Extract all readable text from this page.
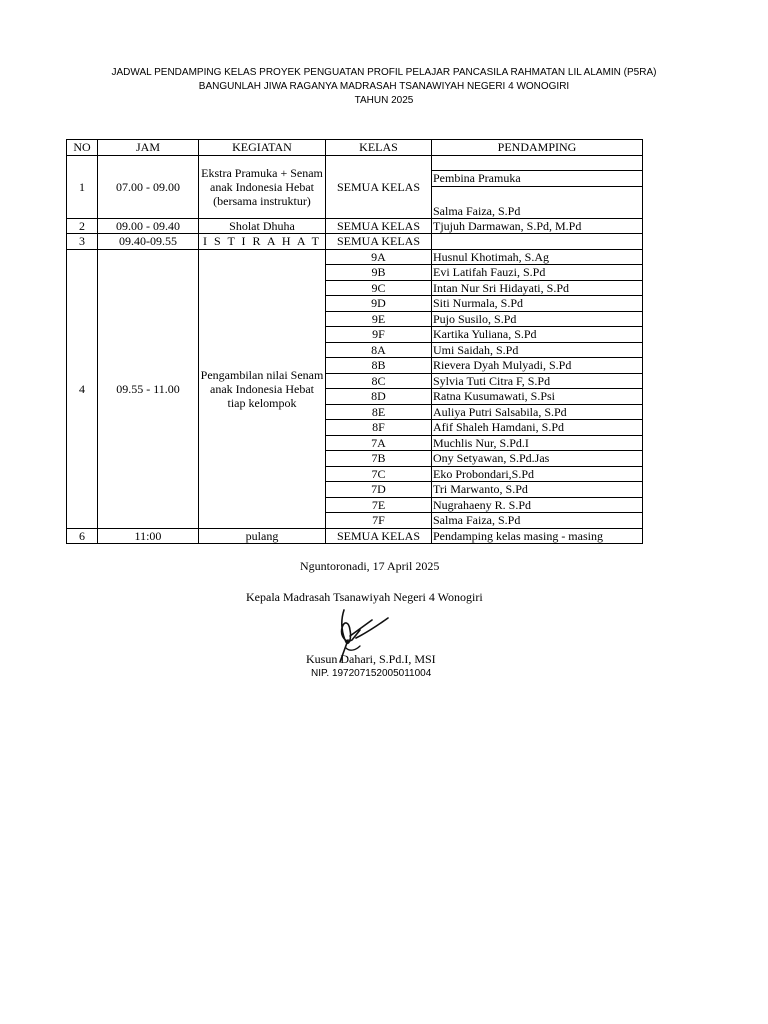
JADWAL PENDAMPING KELAS PROYEK PENGUATAN PROFIL PELAJAR PANCASILA RAHMATAN LIL ALAMIN (P5RA)
BANGUNLAH JIWA RAGANYA MADRASAH TSANAWIYAH NEGERI 4 WONOGIRI
TAHUN 2025
NO	JAM	KEGIATAN	KELAS	PENDAMPING
1	07.00 - 09.00	Ekstra Pramuka + Senam anak Indonesia Hebat (bersama instruktur)	SEMUA KELAS	
				Pembina Pramuka
				Salma Faiza, S.Pd
2	09.00 - 09.40	Sholat Dhuha	SEMUA KELAS	Tjujuh Darmawan, S.Pd, M.Pd
3	09.40-09.55	I S T I R A H A T	SEMUA KELAS	
4	09.55 - 11.00	Pengambilan nilai Senam anak Indonesia Hebat tiap kelompok	9A	Husnul Khotimah, S.Ag
			9B	Evi Latifah Fauzi, S.Pd
			9C	Intan Nur Sri Hidayati, S.Pd
			9D	Siti Nurmala, S.Pd
			9E	Pujo Susilo, S.Pd
			9F	Kartika Yuliana, S.Pd
			8A	Umi Saidah, S.Pd
			8B	Rievera Dyah Mulyadi, S.Pd
			8C	Sylvia Tuti Citra F, S.Pd
			8D	Ratna Kusumawati, S.Psi
			8E	Auliya Putri Salsabila, S.Pd
			8F	Afif Shaleh Hamdani, S.Pd
			7A	Muchlis Nur, S.Pd.I
			7B	Ony Setyawan, S.Pd.Jas
			7C	Eko Probondari,S.Pd
			7D	Tri Marwanto, S.Pd
			7E	Nugrahaeny R. S.Pd
			7F	Salma Faiza, S.Pd
6	11:00	pulang	SEMUA KELAS	Pendamping kelas masing - masing
Nguntoronadi, 17 April 2025
Kepala Madrasah Tsanawiyah Negeri 4 Wonogiri
Kusun Dahari, S.Pd.I, MSI
NIP. 197207152005011004
